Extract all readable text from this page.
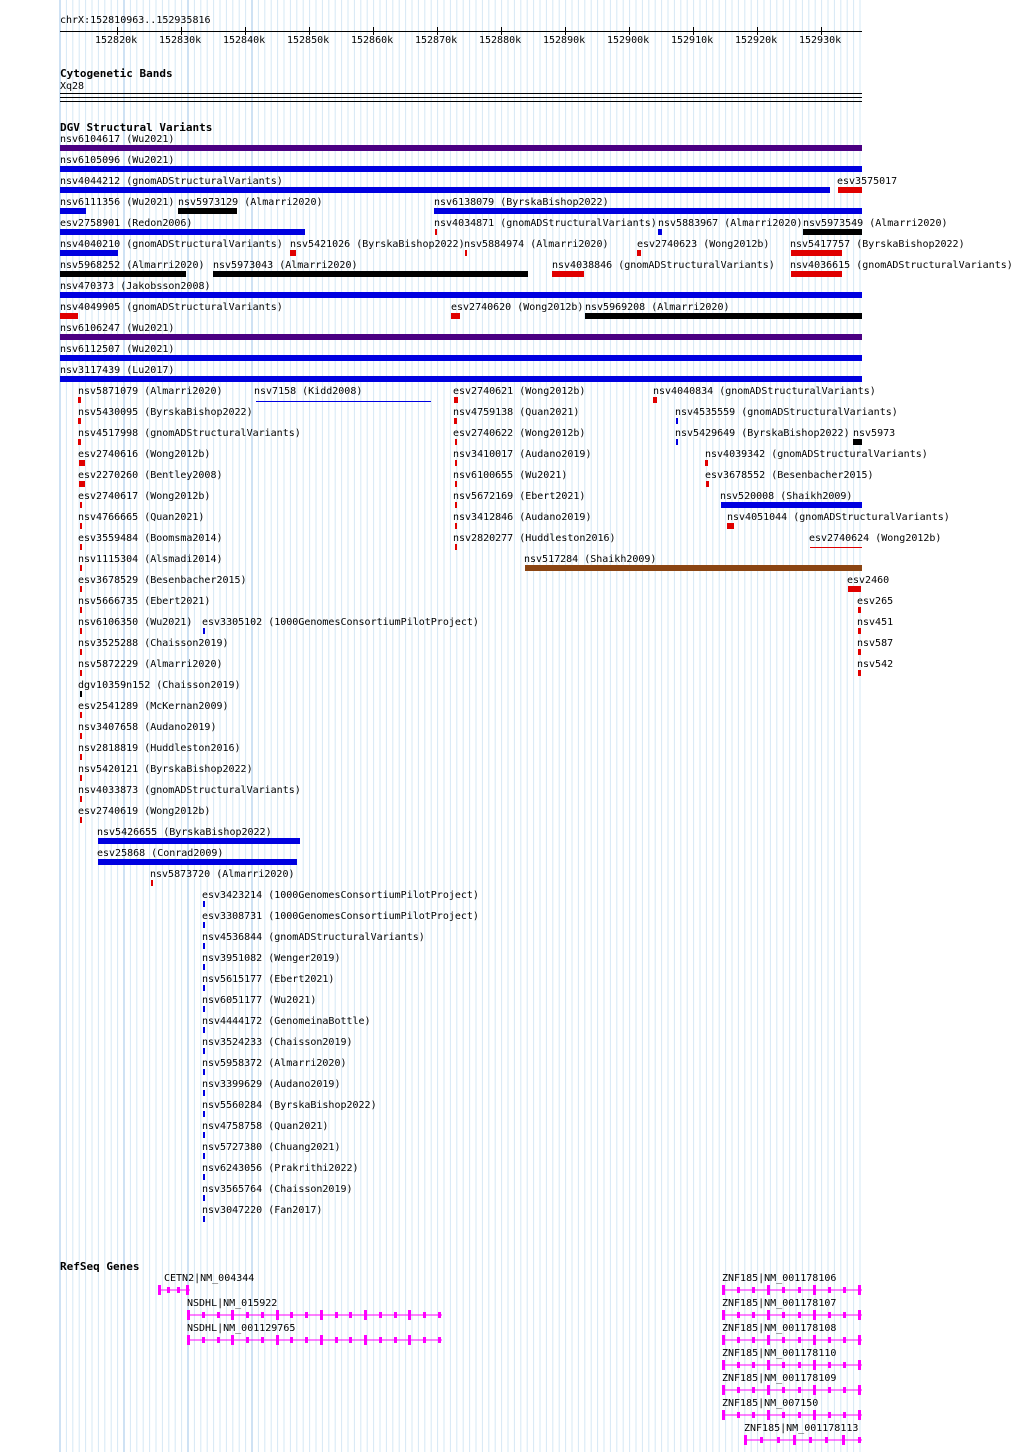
chrX:152810963..152935816
152820k 152830k 152840k 152850k 152860k 152870k 152880k 152890k 152900k 152910k 152920k 152930k
Cytogenetic Bands
Xq28
DGV Structural Variants
nsv6104617 (Wu2021)
nsv6105096 (Wu2021)
nsv4044212 (gnomADStructuralVariants)	esv3575017
nsv6111356 (Wu2021) nsv5973129 (Almarri2020)	nsv6138079 (ByrskaBishop2022)
esv2758901 (Redon2006)	nsv4034871 (gnomADStructuralVariants) nsv5883967 (Almarri2020) nsv5973549 (Almarri2020)
nsv4040210 (gnomADStructuralVariants) nsv5421026 (ByrskaBishop2022) nsv5884974 (Almarri2020)	esv2740623 (Wong2012b) nsv5417757 (ByrskaBishop2022)
nsv5968252 (Almarri2020) nsv5973043 (Almarri2020)	nsv4038846 (gnomADStructuralVariants) nsv4036615 (gnomADStructuralVariants)
nsv470373 (Jakobsson2008)
nsv4049905 (gnomADStructuralVariants)	esv2740620 (Wong2012b) nsv5969208 (Almarri2020)
nsv6106247 (Wu2021)
nsv6112507 (Wu2021)
nsv3117439 (Lu2017)
nsv5871079 (Almarri2020)	nsv7158 (Kidd2008)	esv2740621 (Wong2012b)	nsv4040834 (gnomADStructuralVariants)
nsv5430095 (ByrskaBishop2022)	nsv4759138 (Quan2021)	nsv4535559 (gnomADStructuralVariants)
nsv4517998 (gnomADStructuralVariants)	esv2740622 (Wong2012b)	nsv5429649 (ByrskaBishop2022) nsv5973
esv2740616 (Wong2012b)	nsv3410017 (Audano2019)	nsv4039342 (gnomADStructuralVariants)
esv2270260 (Bentley2008)	nsv6100655 (Wu2021)	esv3678552 (Besenbacher2015)
esv2740617 (Wong2012b)	nsv5672169 (Ebert2021)	nsv520008 (Shaikh2009)
nsv4766665 (Quan2021)	nsv3412846 (Audano2019)	nsv4051044 (gnomADStructuralVariants)
esv3559484 (Boomsma2014)	nsv2820277 (Huddleston2016)	esv2740624 (Wong2012b)
nsv1115304 (Alsmadi2014)	nsv517284 (Shaikh2009)
esv3678529 (Besenbacher2015)	esv2460
nsv5666735 (Ebert2021)	esv265
nsv6106350 (Wu2021) esv3305102 (1000GenomesConsortiumPilotProject)	nsv451
nsv3525288 (Chaisson2019)	nsv587
nsv5872229 (Almarri2020)	nsv542
dgv10359n152 (Chaisson2019)
esv2541289 (McKernan2009)
nsv3407658 (Audano2019)
nsv2818819 (Huddleston2016)
nsv5420121 (ByrskaBishop2022)
nsv4033873 (gnomADStructuralVariants)
esv2740619 (Wong2012b)
nsv5426655 (ByrskaBishop2022)
esv25868 (Conrad2009)
nsv5873720 (Almarri2020)
esv3423214 (1000GenomesConsortiumPilotProject)
esv3308731 (1000GenomesConsortiumPilotProject)
nsv4536844 (gnomADStructuralVariants)
nsv3951082 (Wenger2019)
nsv5615177 (Ebert2021)
nsv6051177 (Wu2021)
nsv4444172 (GenomeinaBottle)
nsv3524233 (Chaisson2019)
nsv5958372 (Almarri2020)
nsv3399629 (Audano2019)
nsv5560284 (ByrskaBishop2022)
nsv4758758 (Quan2021)
nsv5727380 (Chuang2021)
nsv6243056 (Prakrithi2022)
nsv3565764 (Chaisson2019)
nsv3047220 (Fan2017)
RefSeq Genes
CETN2|NM_004344
NSDHL|NM_015922
NSDHL|NM_001129765
ZNF185|NM_001178106
ZNF185|NM_001178107
ZNF185|NM_001178108
ZNF185|NM_001178110
ZNF185|NM_001178109
ZNF185|NM_007150
ZNF185|NM_001178113
